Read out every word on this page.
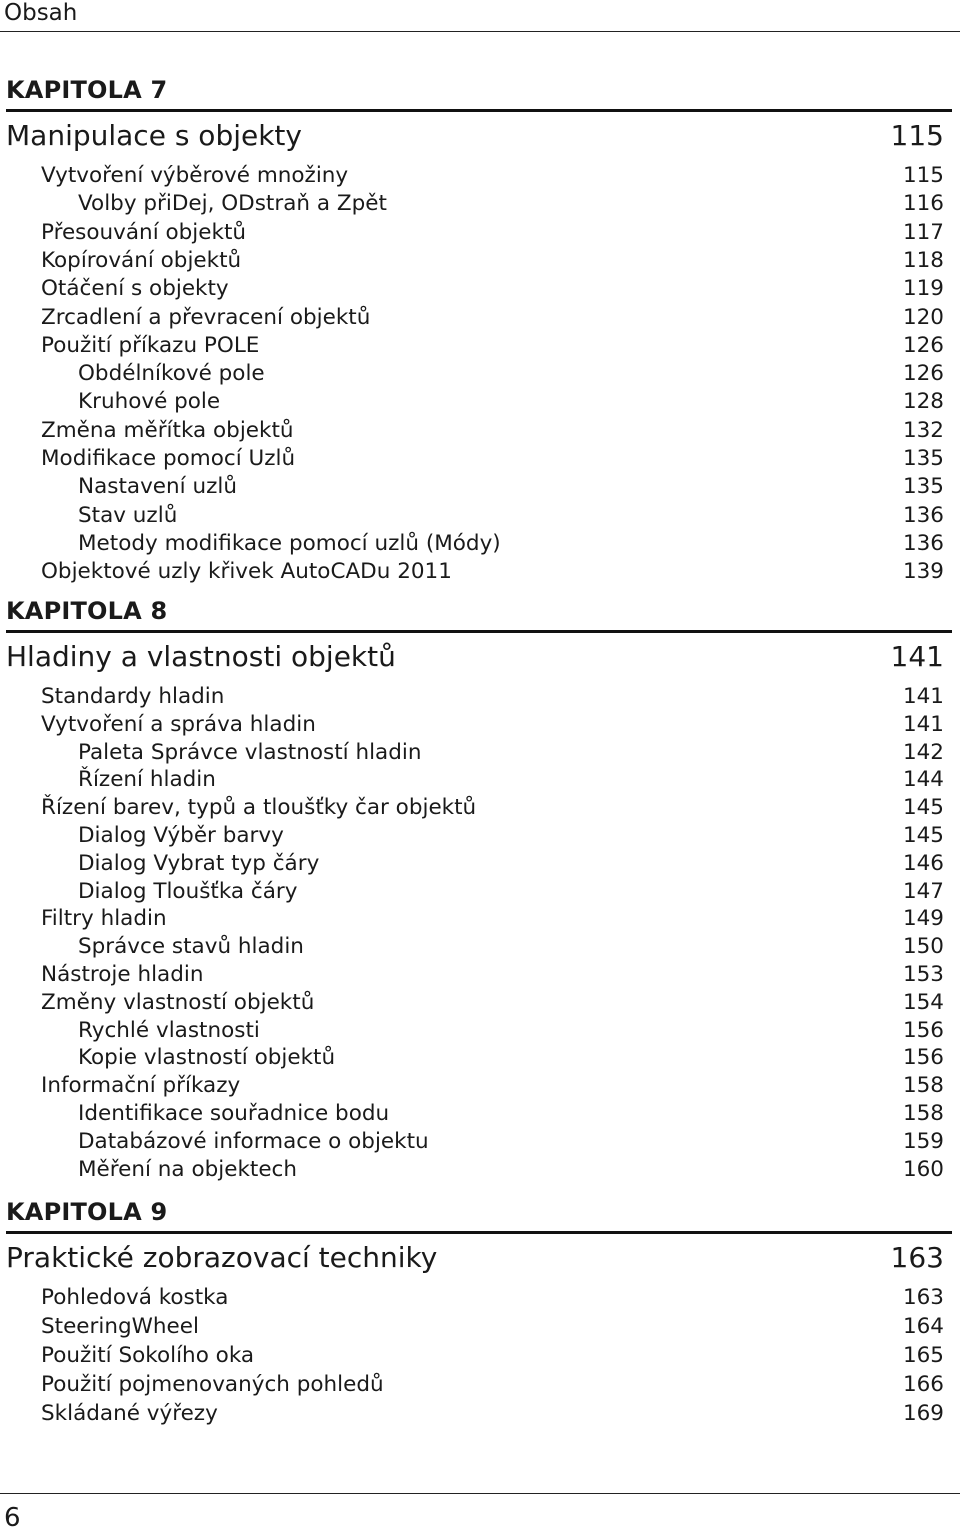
Obsah
KAPITOLA 7
Manipulace s objekty	115
Vytvoření výběrové množiny	115
Volby přiDej, ODstraň a Zpět	116
Přesouvání objektů	117
Kopírování objektů	118
Otáčení s objekty	119
Zrcadlení a převracení objektů	120
Použití příkazu POLE	126
Obdélníkové pole	126
Kruhové pole	128
Změna měřítka objektů	132
Modifikace pomocí Uzlů	135
Nastavení uzlů	135
Stav uzlů	136
Metody modifikace pomocí uzlů (Módy)	136
Objektové uzly křivek AutoCADu 2011	139
KAPITOLA 8
Hladiny a vlastnosti objektů	141
Standardy hladin	141
Vytvoření a správa hladin	141
Paleta Správce vlastností hladin	142
Řízení hladin	144
Řízení barev, typů a tloušťky čar objektů	145
Dialog Výběr barvy	145
Dialog Vybrat typ čáry	146
Dialog Tloušťka čáry	147
Filtry hladin	149
Správce stavů hladin	150
Nástroje hladin	153
Změny vlastností objektů	154
Rychlé vlastnosti	156
Kopie vlastností objektů	156
Informační příkazy	158
Identifikace souřadnice bodu	158
Databázové informace o objektu	159
Měření na objektech	160
KAPITOLA 9
Praktické zobrazovací techniky	163
Pohledová kostka	163
SteeringWheel	164
Použití Sokolího oka	165
Použití pojmenovaných pohledů	166
Skládané výřezy	169
6
